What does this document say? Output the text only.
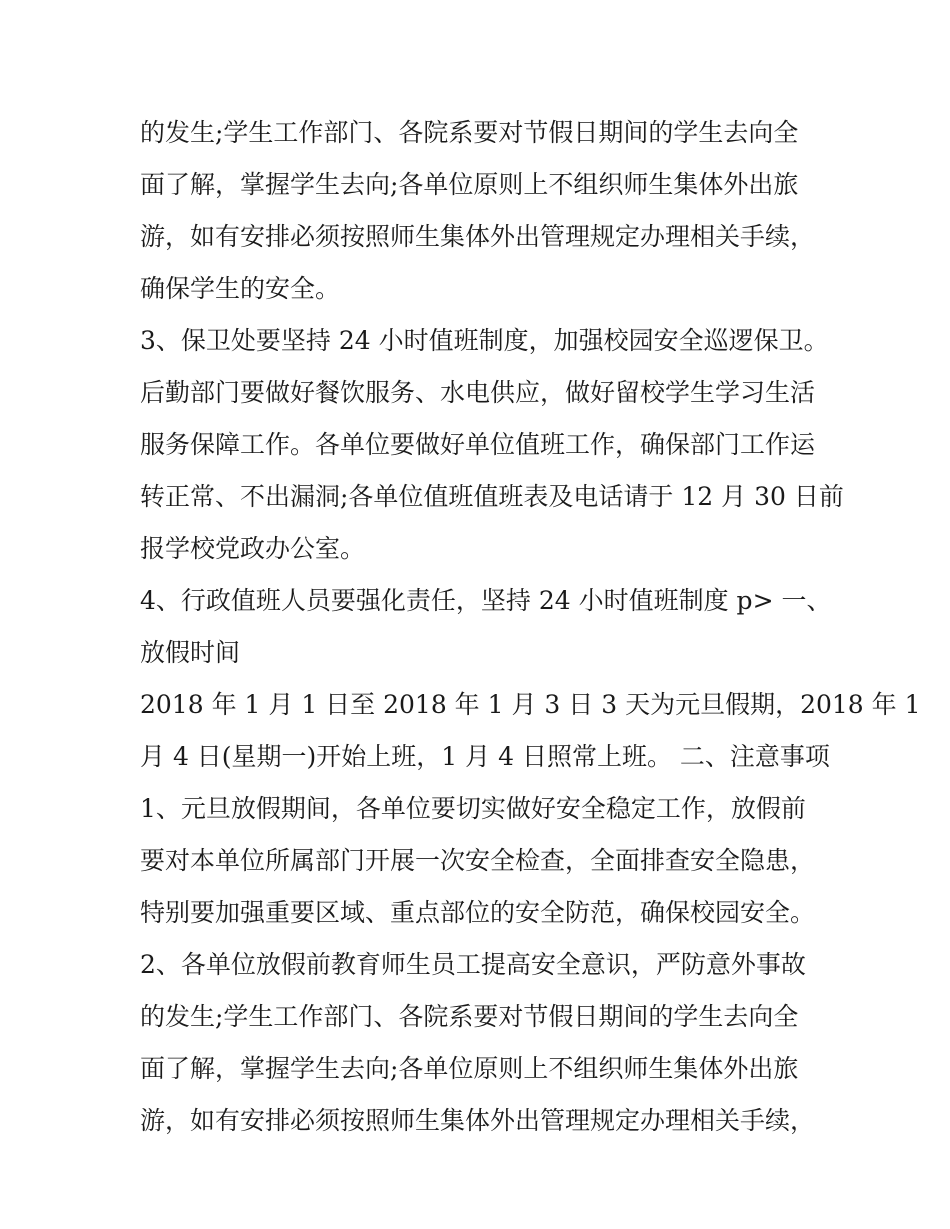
的发生;学生工作部门、各院系要对节假日期间的学生去向全
面了解，掌握学生去向;各单位原则上不组织师生集体外出旅
游，如有安排必须按照师生集体外出管理规定办理相关手续，
确保学生的安全。
3、保卫处要坚持 24 小时值班制度，加强校园安全巡逻保卫。
后勤部门要做好餐饮服务、水电供应，做好留校学生学习生活
服务保障工作。各单位要做好单位值班工作，确保部门工作运
转正常、不出漏洞;各单位值班值班表及电话请于 12 月 30 日前
报学校党政办公室。
4、行政值班人员要强化责任，坚持 24 小时值班制度 p> 一、
放假时间
2018 年 1 月 1 日至 2018 年 1 月 3 日 3 天为元旦假期，2018 年 1
月 4 日(星期一)开始上班，1 月 4 日照常上班。 二、注意事项
1、元旦放假期间，各单位要切实做好安全稳定工作，放假前
要对本单位所属部门开展一次安全检查，全面排查安全隐患，
特别要加强重要区域、重点部位的安全防范，确保校园安全。
2、各单位放假前教育师生员工提高安全意识，严防意外事故
的发生;学生工作部门、各院系要对节假日期间的学生去向全
面了解，掌握学生去向;各单位原则上不组织师生集体外出旅
游，如有安排必须按照师生集体外出管理规定办理相关手续，
